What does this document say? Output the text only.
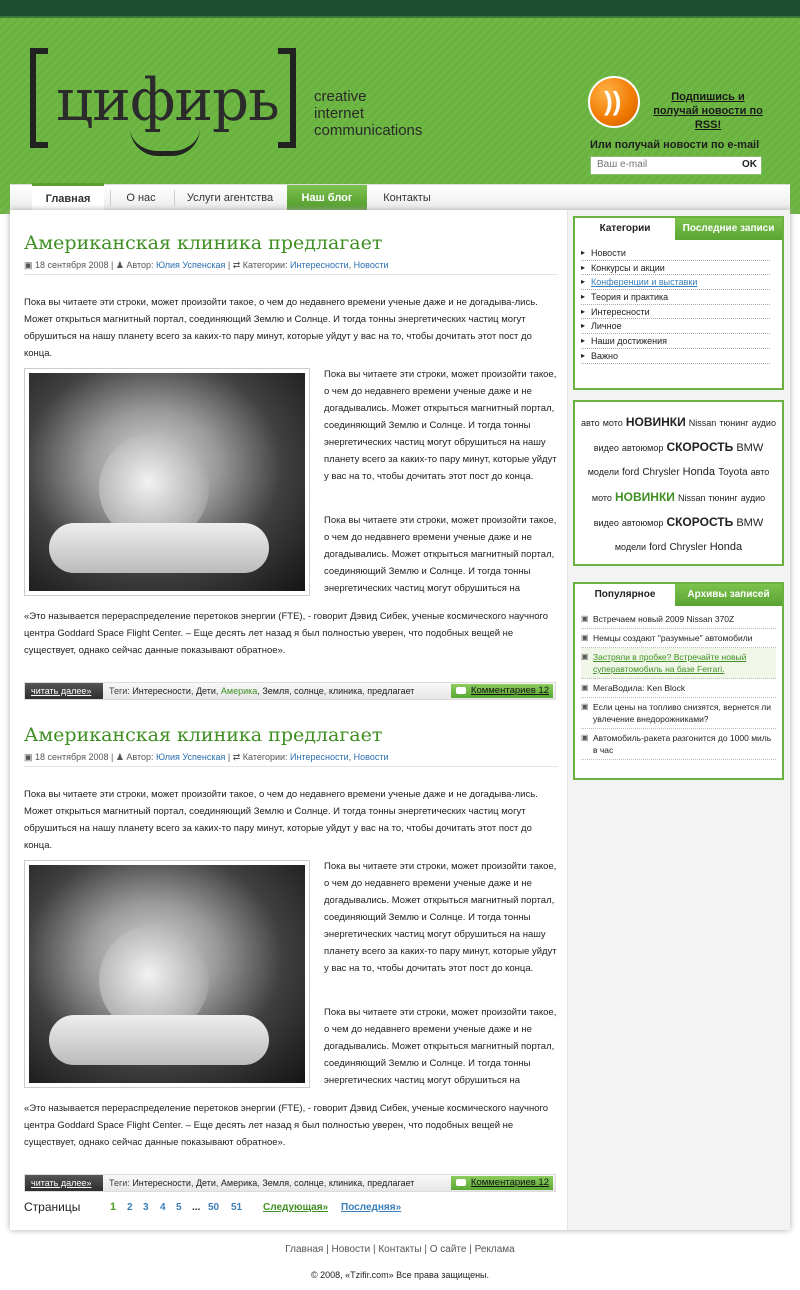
цифирь creative
internet
communications
))	Подпишись и получай новости по RSS!
Или получай новости по e-mail
Ваш e-mail
OK
Главная	О нас	Услуги агентства	Наш блог	Контакты
Американская клиника предлагает
▣ 18 сентября 2008 | ♟ Автор: Юлия Успенская | ⇄ Категории: Интересности, Новости
Пока вы читаете эти строки, может произойти такое, о чем до недавнего времени ученые даже и не догадыва-лись. Может открыться магнитный портал, соединяющий Землю и Солнце. И тогда тонны энергетических частиц могут обрушиться на нашу планету всего за каких-то пару минут, которые уйдут у вас на то, чтобы дочитать этот пост до конца.
Пока вы читаете эти строки, может произойти такое, о чем до недавнего времени ученые даже и не догадывались. Может открыться магнитный портал, соединяющий Землю и Солнце. И тогда тонны энергетических частиц могут обрушиться на нашу планету всего за каких-то пару минут, которые уйдут у вас на то, чтобы дочитать этот пост до конца.
Пока вы читаете эти строки, может произойти такое, о чем до недавнего времени ученые даже и не догадывались. Может открыться магнитный портал, соединяющий Землю и Солнце. И тогда тонны энергетических частиц могут обрушиться на
«Это называется перераспределение перетоков энергии (FTE), - говорит Дэвид Сибек, ученые космического научного центра Goddard Space Flight Center. – Еще десять лет назад я был полностью уверен, что подобных вещей не существует, однако сейчас данные показывают обратное».
читать далее»	Теги: Интересности, Дети, Америка, Земля, солнце, клиника, предлагает	Комментариев 12
Американская клиника предлагает
▣ 18 сентября 2008 | ♟ Автор: Юлия Успенская | ⇄ Категории: Интересности, Новости
Пока вы читаете эти строки, может произойти такое, о чем до недавнего времени ученые даже и не догадыва-лись. Может открыться магнитный портал, соединяющий Землю и Солнце. И тогда тонны энергетических частиц могут обрушиться на нашу планету всего за каких-то пару минут, которые уйдут у вас на то, чтобы дочитать этот пост до конца.
Пока вы читаете эти строки, может произойти такое, о чем до недавнего времени ученые даже и не догадывались. Может открыться магнитный портал, соединяющий Землю и Солнце. И тогда тонны энергетических частиц могут обрушиться на нашу планету всего за каких-то пару минут, которые уйдут у вас на то, чтобы дочитать этот пост до конца.
Пока вы читаете эти строки, может произойти такое, о чем до недавнего времени ученые даже и не догадывались. Может открыться магнитный портал, соединяющий Землю и Солнце. И тогда тонны энергетических частиц могут обрушиться на
«Это называется перераспределение перетоков энергии (FTE), - говорит Дэвид Сибек, ученые космического научного центра Goddard Space Flight Center. – Еще десять лет назад я был полностью уверен, что подобных вещей не существует, однако сейчас данные показывают обратное».
читать далее»	Теги: Интересности, Дети, Америка, Земля, солнце, клиника, предлагает	Комментариев 12
Страницы	1 2 3 4 5 ... 50 51 Следующая» Последняя»
Категории	Последние записи
▸ Новости
▸ Конкурсы и акции
▸ Конференции и выставки
▸ Теория и практика
▸ Интересности
▸ Личное
▸ Наши достижения
▸ Важно
авто мото НОВИНКИ Nissan тюнинг аудио видео автоюмор СКОРОСТЬ BMW модели ford Chrysler Honda Toyota авто мото НОВИНКИ Nissan тюнинг аудио видео автоюмор СКОРОСТЬ BMW модели ford Chrysler Honda
Популярное	Архивы записей
▣ Встречаем новый 2009 Nissan 370Z
▣ Немцы создают "разумные" автомобили
▣ Застряли в пробке? Встречайте новый суперавтомобиль на базе Ferrari.
▣ МегаВодила: Ken Block
▣ Если цены на топливо снизятся, вернется ли увлечение внедорожниками?
▣ Автомобиль-ракета разгонится до 1000 миль в час
Главная | Новости | Контакты | О сайте | Реклама
© 2008, «Tzifir.com» Все права защищены.
